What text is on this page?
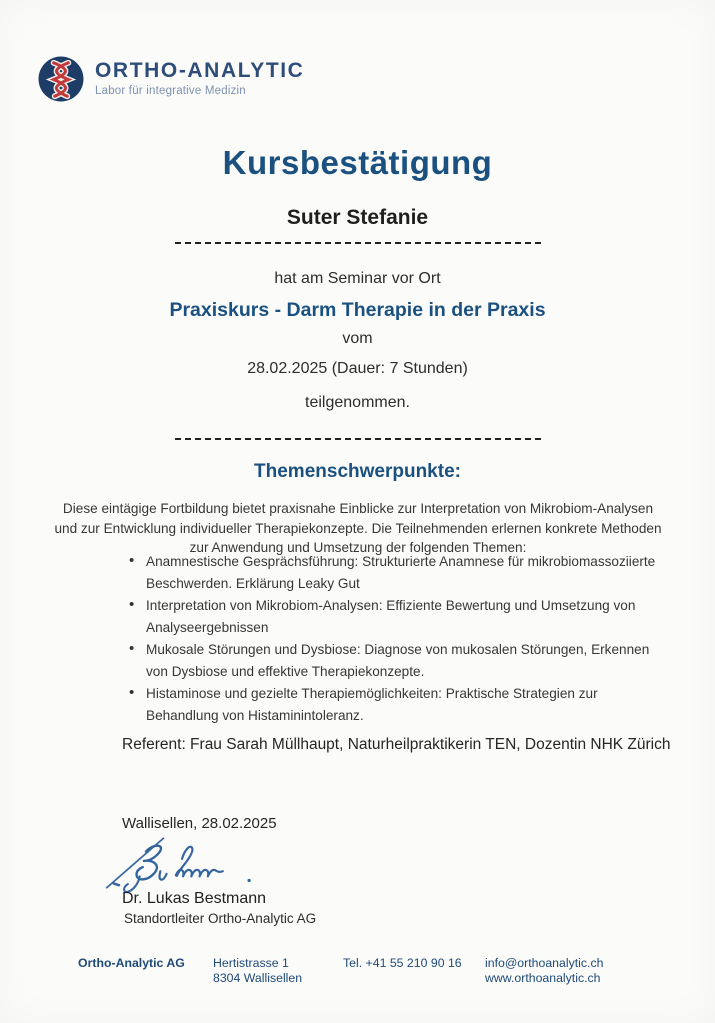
ORTHO-ANALYTIC
Labor für integrative Medizin
Kursbestätigung
Suter Stefanie
hat am Seminar vor Ort
Praxiskurs - Darm Therapie in der Praxis
vom
28.02.2025 (Dauer: 7 Stunden)
teilgenommen.
Themenschwerpunkte:
Diese eintägige Fortbildung bietet praxisnahe Einblicke zur Interpretation von Mikrobiom-Analysen und zur Entwicklung individueller Therapiekonzepte. Die Teilnehmenden erlernen konkrete Methoden zur Anwendung und Umsetzung der folgenden Themen:
• Anamnestische Gesprächsführung: Strukturierte Anamnese für mikrobiomassoziierte Beschwerden. Erklärung Leaky Gut
• Interpretation von Mikrobiom-Analysen: Effiziente Bewertung und Umsetzung von Analyseergebnissen
• Mukosale Störungen und Dysbiose: Diagnose von mukosalen Störungen, Erkennen von Dysbiose und effektive Therapiekonzepte.
• Histaminose und gezielte Therapiemöglichkeiten: Praktische Strategien zur Behandlung von Histaminintoleranz.
Referent: Frau Sarah Müllhaupt, Naturheilpraktikerin TEN, Dozentin NHK Zürich
Wallisellen, 28.02.2025
Dr. Lukas Bestmann
Standortleiter Ortho-Analytic AG
Ortho-Analytic AG Hertistrasse 1
8304 Wallisellen
Tel. +41 55 210 90 16 info@orthoanalytic.ch
www.orthoanalytic.ch
